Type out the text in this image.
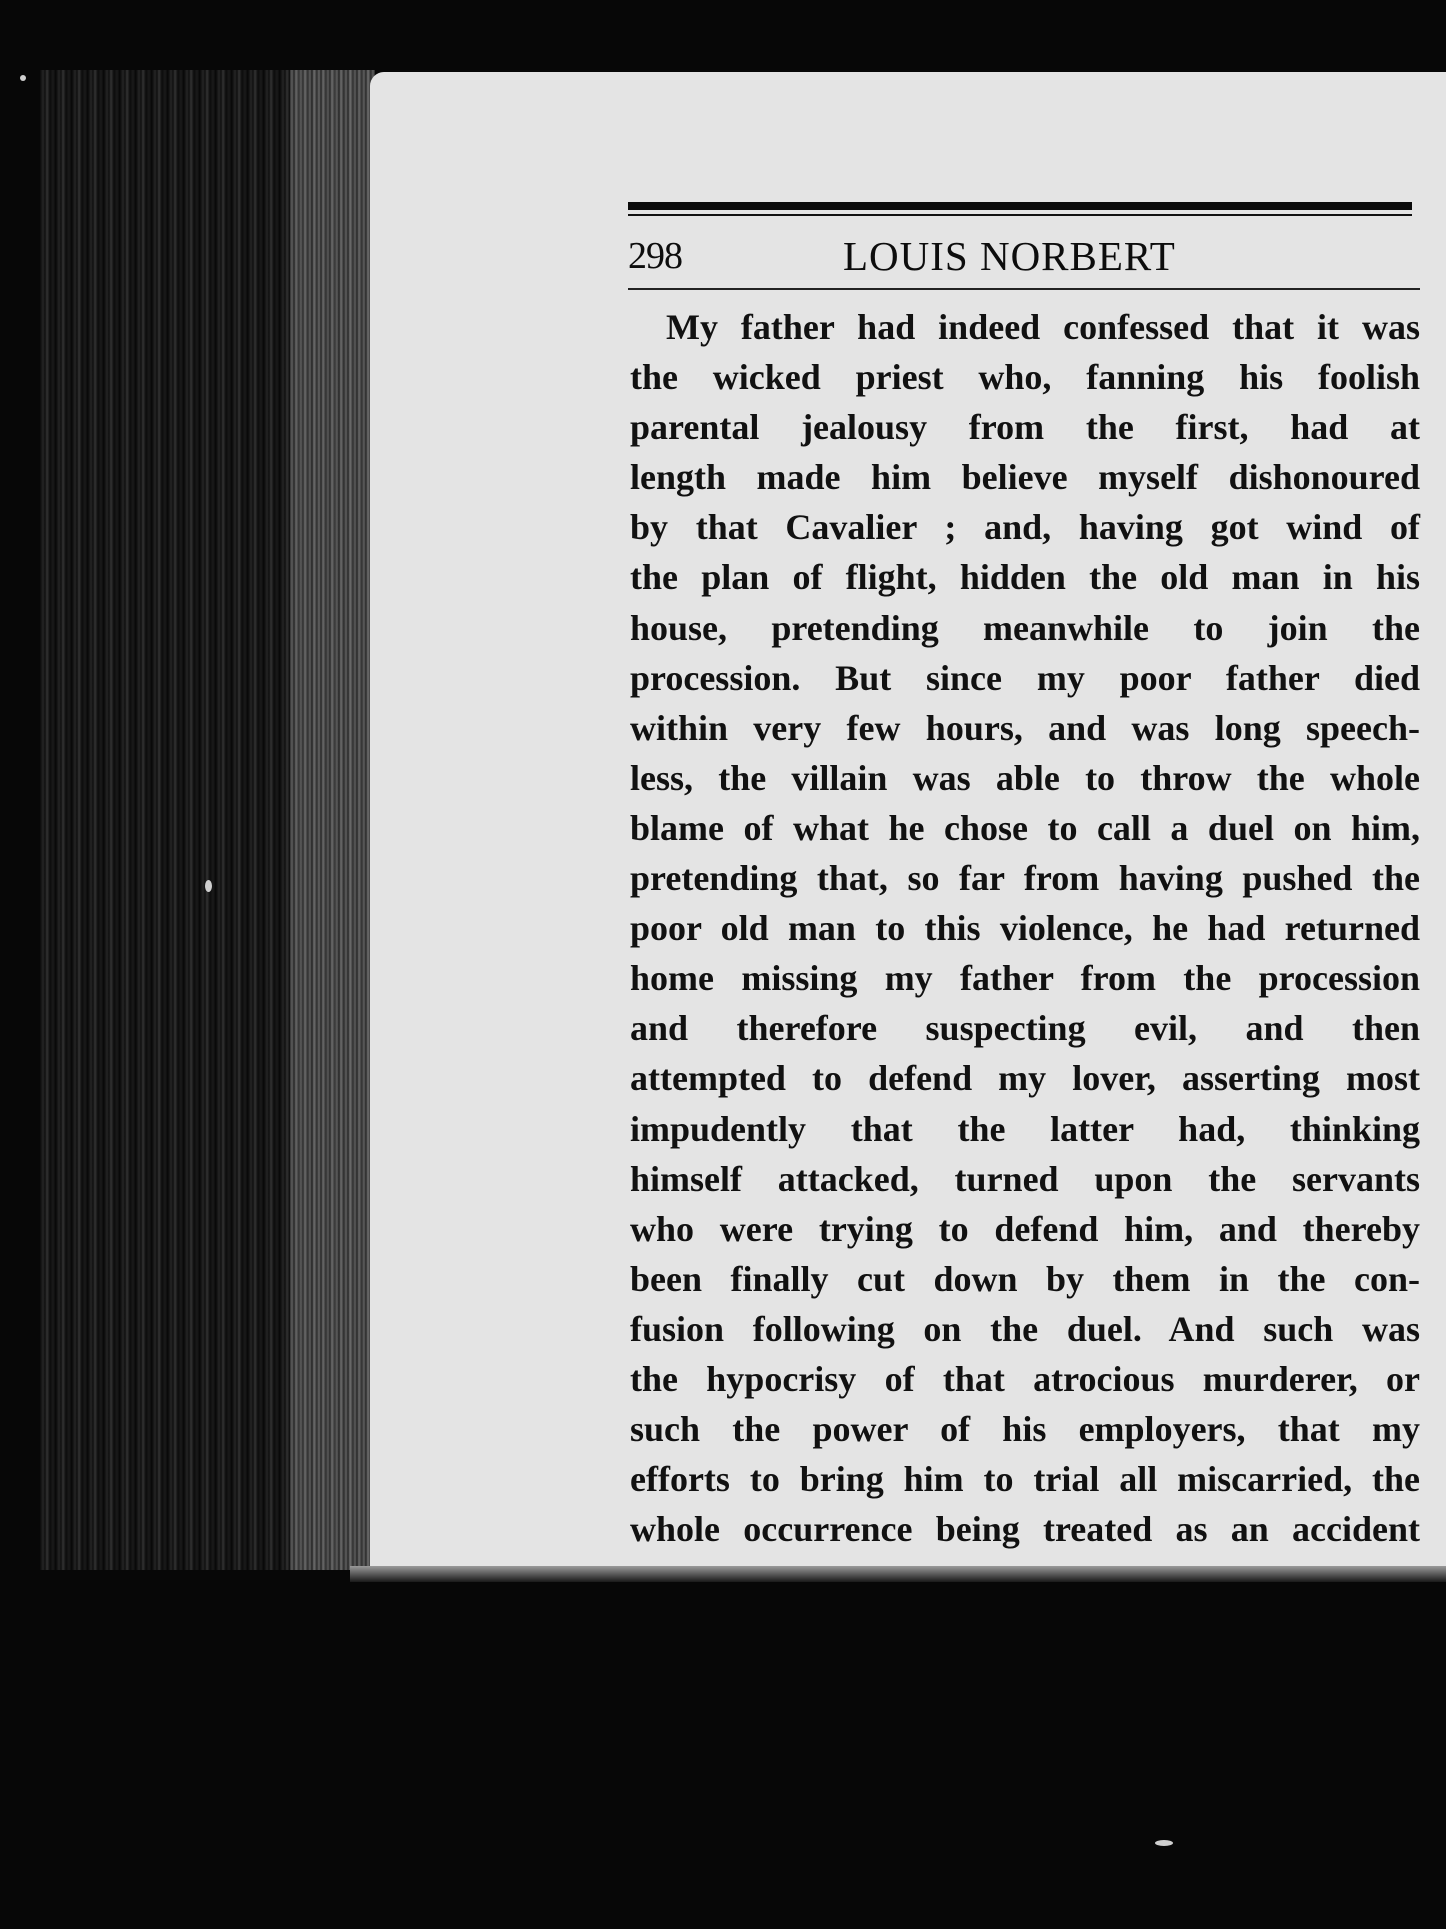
298	LOUIS NORBERT
My father had indeed confessed that it was
the wicked priest who, fanning his foolish
parental jealousy from the first, had at
length made him believe myself dishonoured
by that Cavalier ; and, having got wind of
the plan of flight, hidden the old man in his
house, pretending meanwhile to join the
procession. But since my poor father died
within very few hours, and was long speech-
less, the villain was able to throw the whole
blame of what he chose to call a duel on him,
pretending that, so far from having pushed the
poor old man to this violence, he had returned
home missing my father from the procession
and therefore suspecting evil, and then
attempted to defend my lover, asserting most
impudently that the latter had, thinking
himself attacked, turned upon the servants
who were trying to defend him, and thereby
been finally cut down by them in the con-
fusion following on the duel. And such was
the hypocrisy of that atrocious murderer, or
such the power of his employers, that my
efforts to bring him to trial all miscarried, the
whole occurrence being treated as an accident
